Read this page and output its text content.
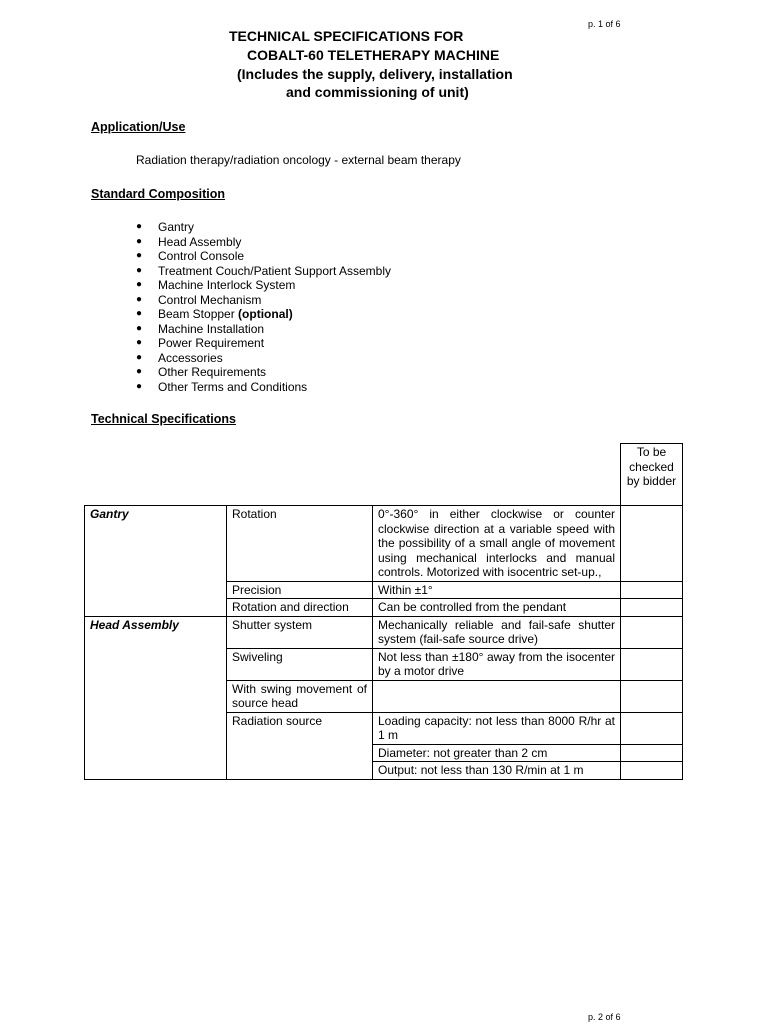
p. 1 of 6
TECHNICAL SPECIFICATIONS FOR
COBALT-60 TELETHERAPY MACHINE
(Includes the supply, delivery, installation
and commissioning of unit)
Application/Use
Radiation therapy/radiation oncology - external beam therapy
Standard Composition
● Gantry
● Head Assembly
● Control Console
● Treatment Couch/Patient Support Assembly
● Machine Interlock System
● Control Mechanism
● Beam Stopper (optional)
● Machine Installation
● Power Requirement
● Accessories
● Other Requirements
● Other Terms and Conditions
Technical Specifications
			To be checked by bidder
Gantry	Rotation	0°-360° in either clockwise or counter clockwise direction at a variable speed with the possibility of a small angle of movement using mechanical interlocks and manual controls. Motorized with isocentric set-up.,	
	Precision	Within ±1°	
	Rotation and direction	Can be controlled from the pendant	
Head Assembly	Shutter system	Mechanically reliable and fail-safe shutter system (fail-safe source drive)	
	Swiveling	Not less than ±180° away from the isocenter by a motor drive	
	With swing movement of source head		
	Radiation source	Loading capacity: not less than 8000 R/hr at 1 m	
		Diameter: not greater than 2 cm	
		Output: not less than 130 R/min at 1 m	
p. 2 of 6
